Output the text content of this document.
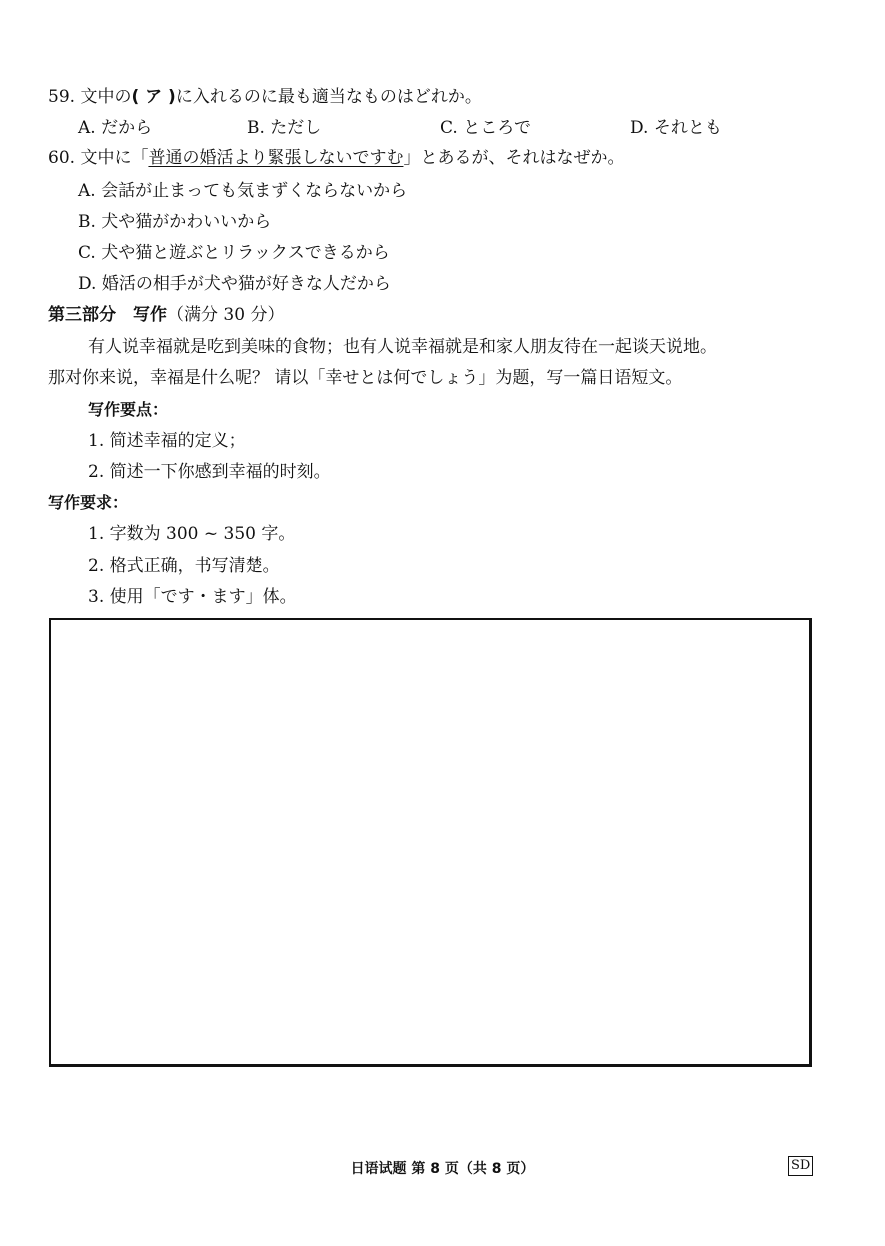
59. 文中の( ア )に入れるのに最も適当なものはどれか。
A. だから	B. ただし	C. ところで	D. それとも
60. 文中に「普通の婚活より緊張しないですむ」とあるが、それはなぜか。
A. 会話が止まっても気まずくならないから
B. 犬や猫がかわいいから
C. 犬や猫と遊ぶとリラックスできるから
D. 婚活の相手が犬や猫が好きな人だから
第三部分　写作（满分 30 分）
有人说幸福就是吃到美味的食物；也有人说幸福就是和家人朋友待在一起谈天说地。
那对你来说，幸福是什么呢？ 请以「幸せとは何でしょう」为题，写一篇日语短文。
写作要点：
1. 简述幸福的定义；
2. 简述一下你感到幸福的时刻。
写作要求：
1. 字数为 300 ~ 350 字。
2. 格式正确，书写清楚。
3. 使用「です・ます」体。
日语试题 第 8 页（共 8 页）	SD
